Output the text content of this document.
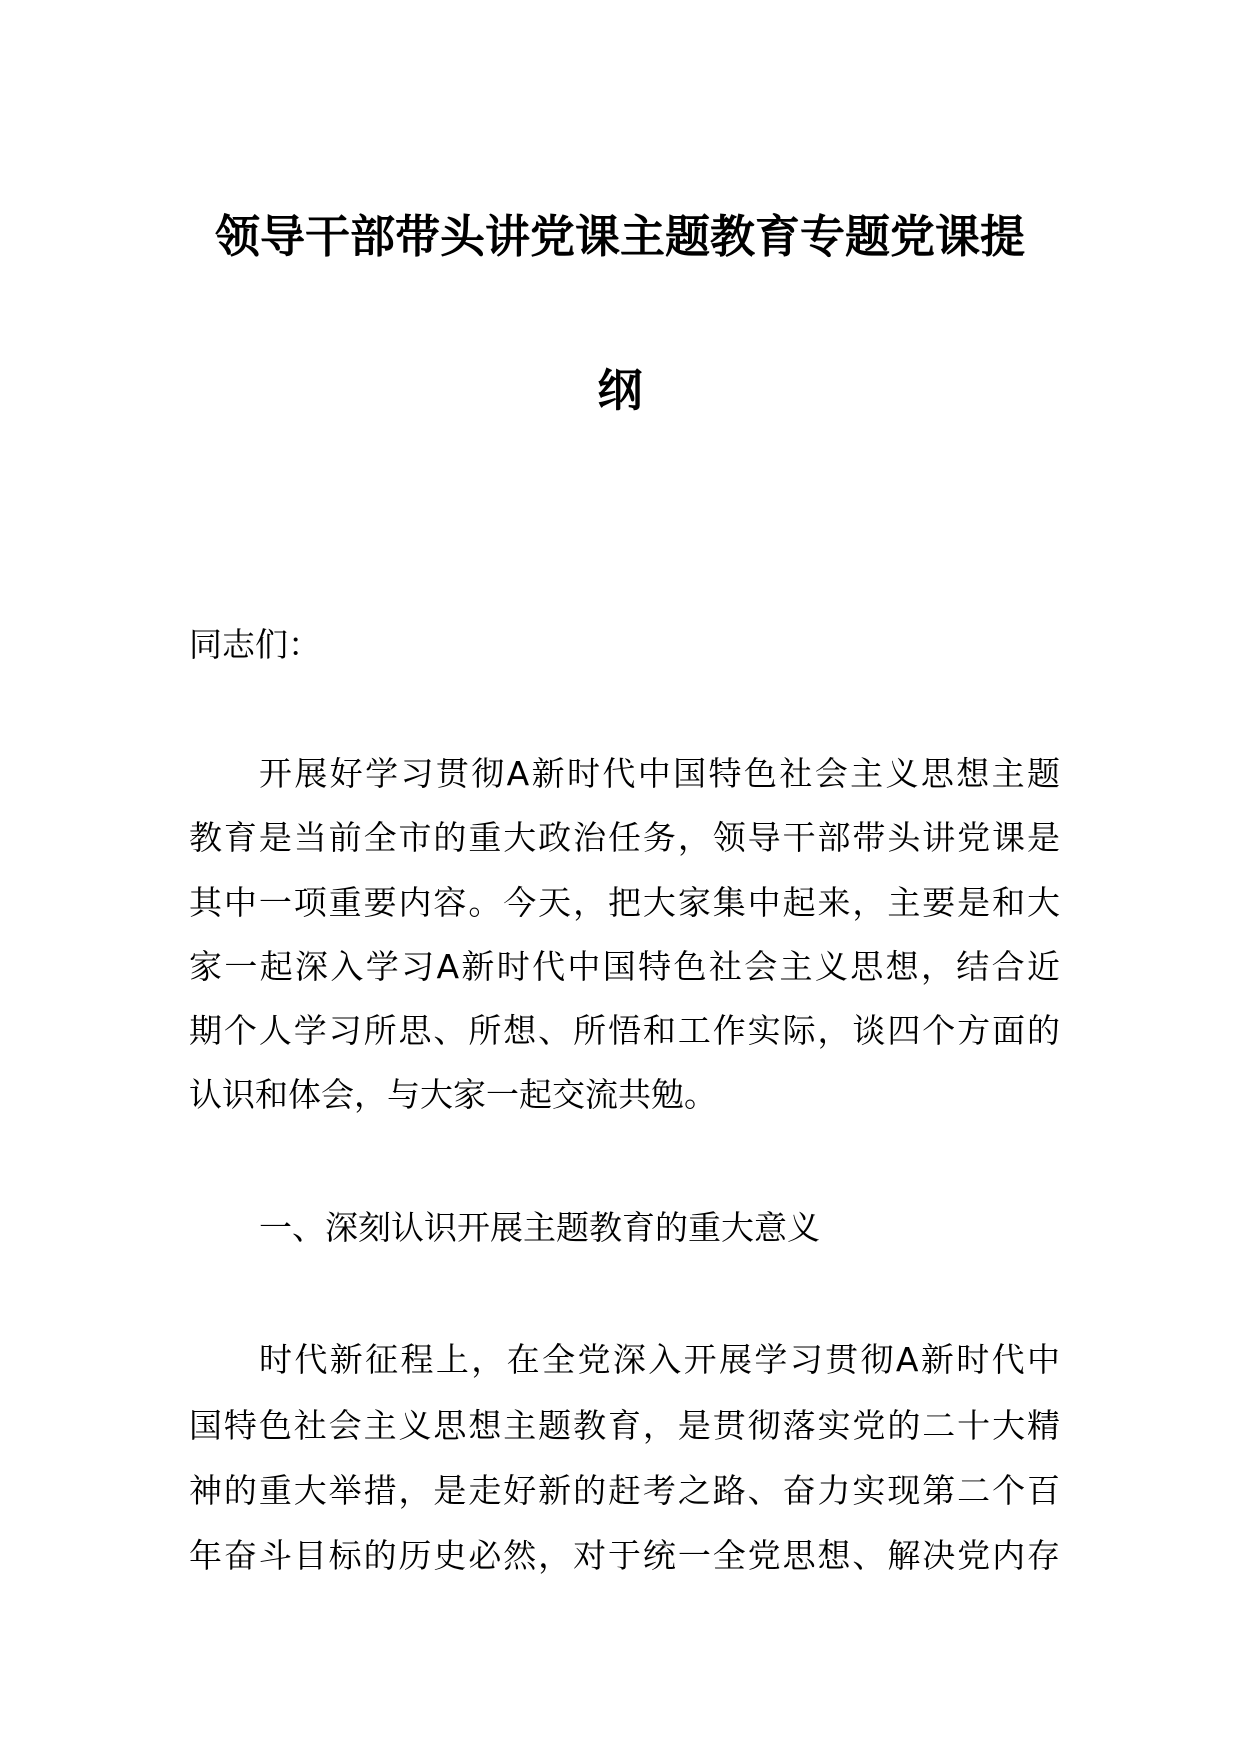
领导干部带头讲党课主题教育专题党课提
纲
同志们：
开展好学习贯彻A新时代中国特色社会主义思想主题
教育是当前全市的重大政治任务，领导干部带头讲党课是
其中一项重要内容。今天，把大家集中起来，主要是和大
家一起深入学习A新时代中国特色社会主义思想，结合近
期个人学习所思、所想、所悟和工作实际，谈四个方面的
认识和体会，与大家一起交流共勉。
一、深刻认识开展主题教育的重大意义
时代新征程上，在全党深入开展学习贯彻A新时代中
国特色社会主义思想主题教育，是贯彻落实党的二十大精
神的重大举措，是走好新的赶考之路、奋力实现第二个百
年奋斗目标的历史必然，对于统一全党思想、解决党内存
